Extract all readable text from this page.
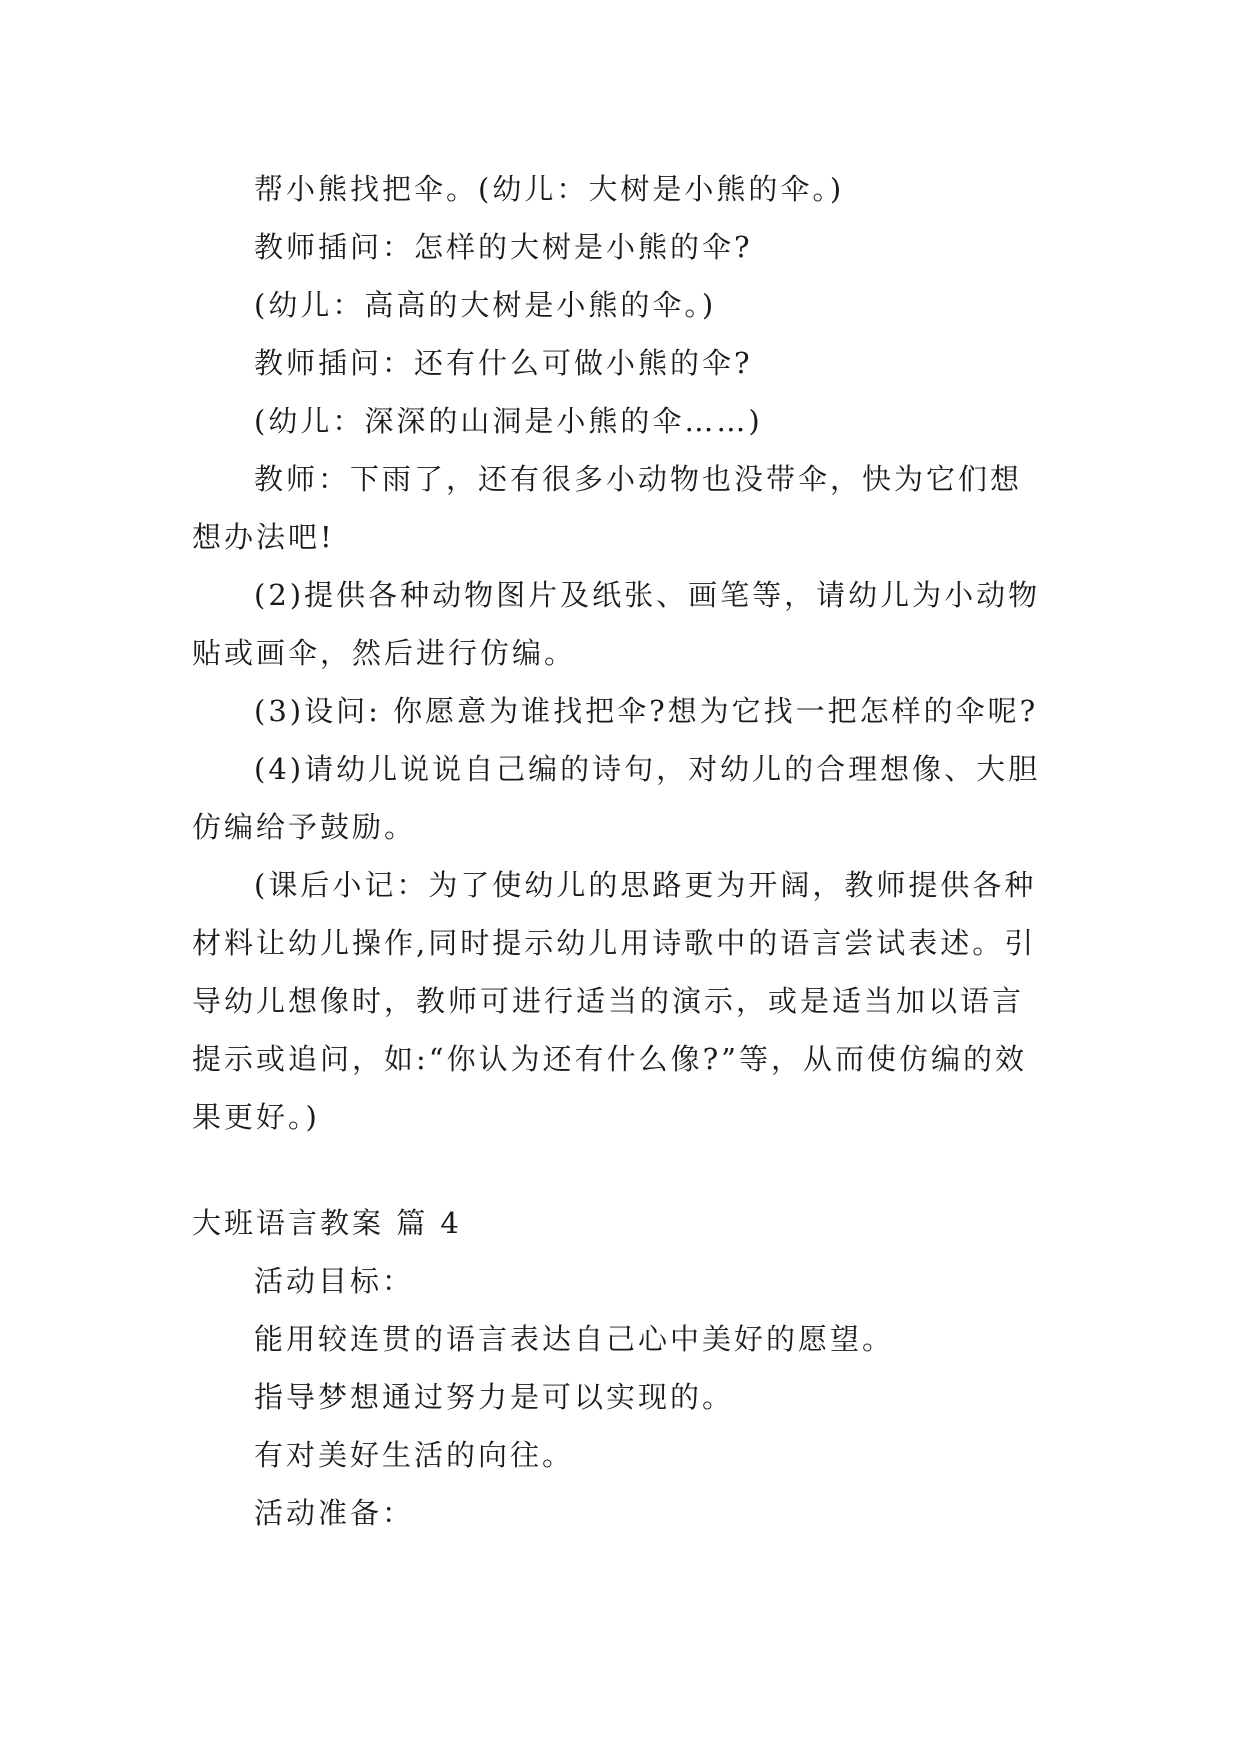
帮小熊找把伞。(幼儿：大树是小熊的伞。)

教师插问：怎样的大树是小熊的伞?

(幼儿：高高的大树是小熊的伞。)

教师插问：还有什么可做小熊的伞?

(幼儿：深深的山洞是小熊的伞……)

教师：下雨了，还有很多小动物也没带伞，快为它们想想办法吧!

(2)提供各种动物图片及纸张、画笔等，请幼儿为小动物贴或画伞，然后进行仿编。

(3)设问: 你愿意为谁找把伞?想为它找一把怎样的伞呢?

(4)请幼儿说说自己编的诗句，对幼儿的合理想像、大胆仿编给予鼓励。

(课后小记：为了使幼儿的思路更为开阔，教师提供各种材料让幼儿操作,同时提示幼儿用诗歌中的语言尝试表述。引导幼儿想像时，教师可进行适当的演示，或是适当加以语言提示或追问，如:“你认为还有什么像?”等，从而使仿编的效果更好。)

大班语言教案 篇 4

活动目标：

能用较连贯的语言表达自己心中美好的愿望。

指导梦想通过努力是可以实现的。

有对美好生活的向往。

活动准备：
